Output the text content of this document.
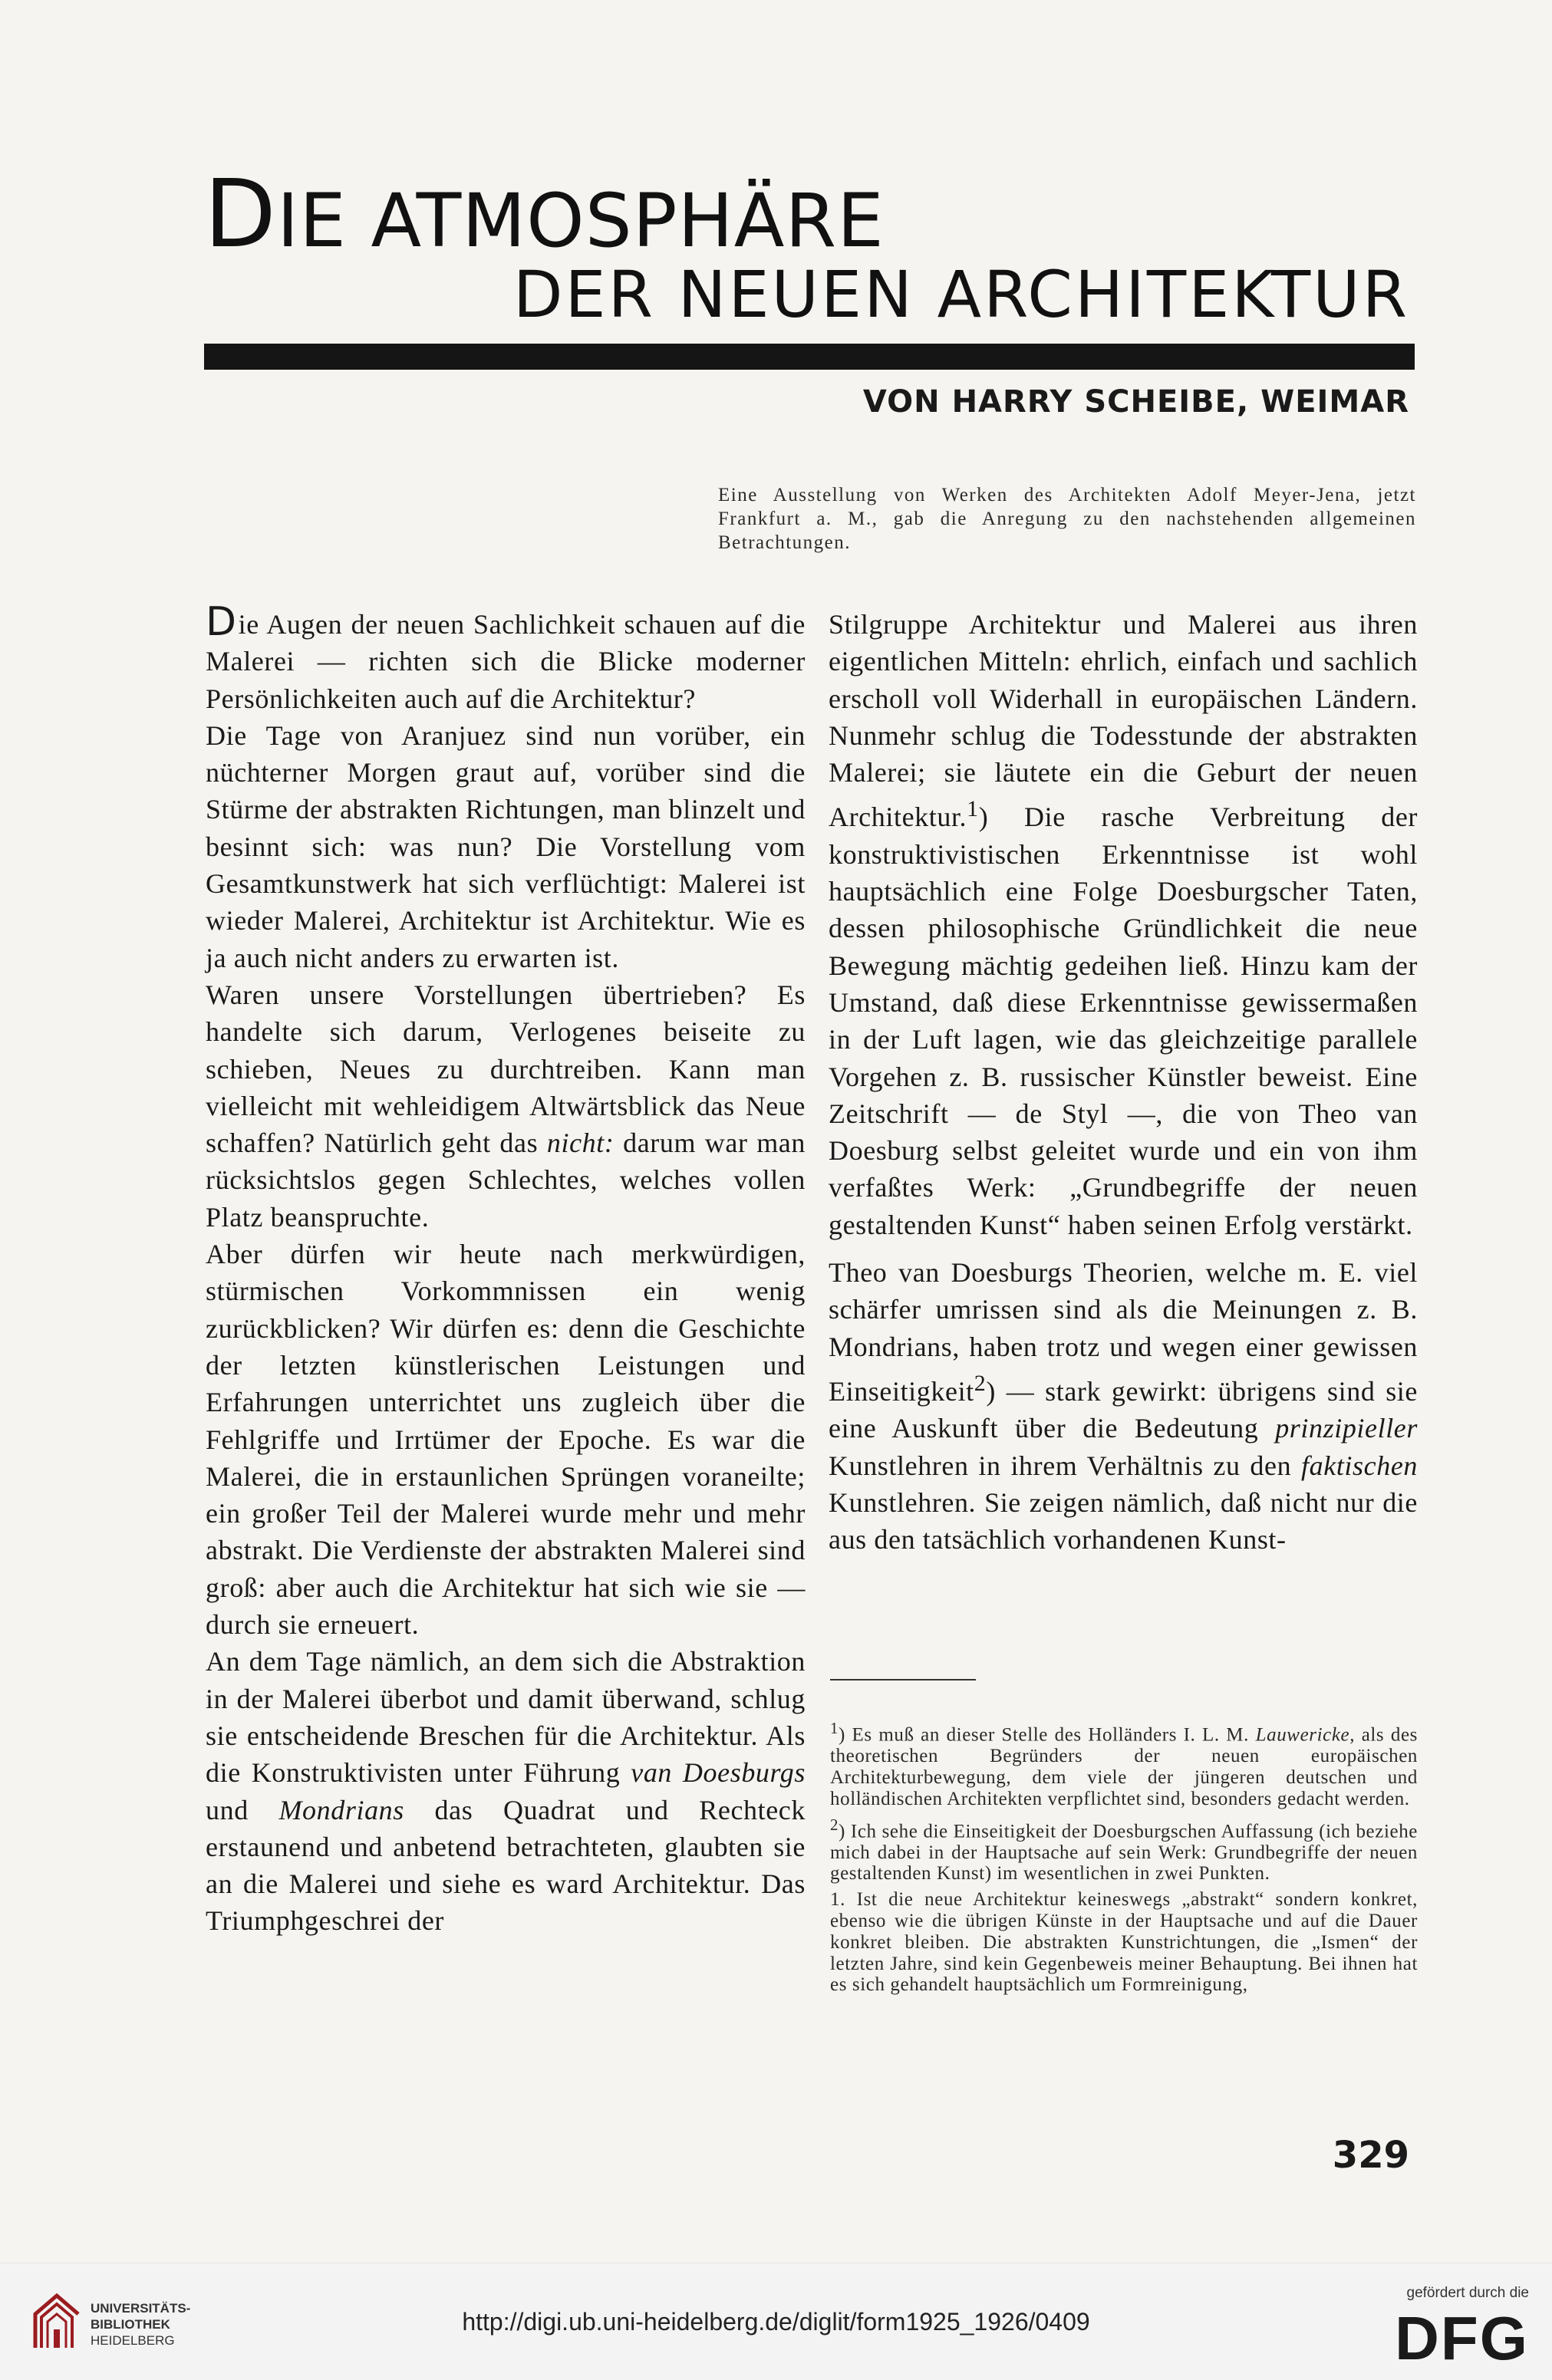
DIE ATMOSPHÄRE
DER NEUEN ARCHITEKTUR
VON HARRY SCHEIBE, WEIMAR

Eine Ausstellung von Werken des Architekten Adolf Meyer-Jena, jetzt Frankfurt a. M., gab die Anregung zu den nachstehenden allgemeinen Betrachtungen.

Die Augen der neuen Sachlichkeit schauen auf die Malerei — richten sich die Blicke moderner Persönlichkeiten auch auf die Architektur?

Die Tage von Aranjuez sind nun vorüber, ein nüchterner Morgen graut auf, vorüber sind die Stürme der abstrakten Richtungen, man blinzelt und besinnt sich: was nun? Die Vorstellung vom Gesamtkunstwerk hat sich verflüchtigt: Malerei ist wieder Malerei, Architektur ist Architektur. Wie es ja auch nicht anders zu erwarten ist.

Waren unsere Vorstellungen übertrieben? Es handelte sich darum, Verlogenes beiseite zu schieben, Neues zu durchtreiben. Kann man vielleicht mit wehleidigem Altwärtsblick das Neue schaffen? Natürlich geht das nicht: darum war man rücksichtslos gegen Schlechtes, welches vollen Platz beanspruchte.

Aber dürfen wir heute nach merkwürdigen, stürmischen Vorkommnissen ein wenig zurückblicken? Wir dürfen es: denn die Geschichte der letzten künstlerischen Leistungen und Erfahrungen unterrichtet uns zugleich über die Fehlgriffe und Irrtümer der Epoche. Es war die Malerei, die in erstaunlichen Sprüngen voraneilte; ein großer Teil der Malerei wurde mehr und mehr abstrakt. Die Verdienste der abstrakten Malerei sind groß: aber auch die Architektur hat sich wie sie — durch sie erneuert.

An dem Tage nämlich, an dem sich die Abstraktion in der Malerei überbot und damit überwand, schlug sie entscheidende Breschen für die Architektur. Als die Konstruktivisten unter Führung van Doesburgs und Mondrians das Quadrat und Rechteck erstaunend und anbetend betrachteten, glaubten sie an die Malerei und siehe es ward Architektur. Das Triumphgeschrei der

Stilgruppe Architektur und Malerei aus ihren eigentlichen Mitteln: ehrlich, einfach und sachlich erscholl voll Widerhall in europäischen Ländern. Nunmehr schlug die Todesstunde der abstrakten Malerei; sie läutete ein die Geburt der neuen Architektur.$^1$) Die rasche Verbreitung der konstruktivistischen Erkenntnisse ist wohl hauptsächlich eine Folge Doesburgscher Taten, dessen philosophische Gründlichkeit die neue Bewegung mächtig gedeihen ließ. Hinzu kam der Umstand, daß diese Erkenntnisse gewissermaßen in der Luft lagen, wie das gleichzeitige parallele Vorgehen z. B. russischer Künstler beweist. Eine Zeitschrift — de Styl —, die von Theo van Doesburg selbst geleitet wurde und ein von ihm verfaßtes Werk: „Grundbegriffe der neuen gestaltenden Kunst“ haben seinen Erfolg verstärkt.

Theo van Doesburgs Theorien, welche m. E. viel schärfer umrissen sind als die Meinungen z. B. Mondrians, haben trotz und wegen einer gewissen Einseitigkeit$^2$) — stark gewirkt: übrigens sind sie eine Auskunft über die Bedeutung prinzipieller Kunstlehren in ihrem Verhältnis zu den faktischen Kunstlehren. Sie zeigen nämlich, daß nicht nur die aus den tatsächlich vorhandenen Kunst-

$^1$) Es muß an dieser Stelle des Holländers I. L. M. Lauwericke, als des theoretischen Begründers der neuen europäischen Architekturbewegung, dem viele der jüngeren deutschen und holländischen Architekten verpflichtet sind, besonders gedacht werden.

$^2$) Ich sehe die Einseitigkeit der Doesburgschen Auffassung (ich beziehe mich dabei in der Hauptsache auf sein Werk: Grundbegriffe der neuen gestaltenden Kunst) im wesentlichen in zwei Punkten.

1. Ist die neue Architektur keineswegs „abstrakt“ sondern konkret, ebenso wie die übrigen Künste in der Hauptsache und auf die Dauer konkret bleiben. Die abstrakten Kunstrichtungen, die „Ismen“ der letzten Jahre, sind kein Gegenbeweis meiner Behauptung. Bei ihnen hat es sich gehandelt hauptsächlich um Formreinigung,

329
UNIVERSITÄTS-
BIBLIOTHEK
HEIDELBERG
http://digi.ub.uni-heidelberg.de/diglit/form1925_1926/0409
gefördert durch die
DFG
